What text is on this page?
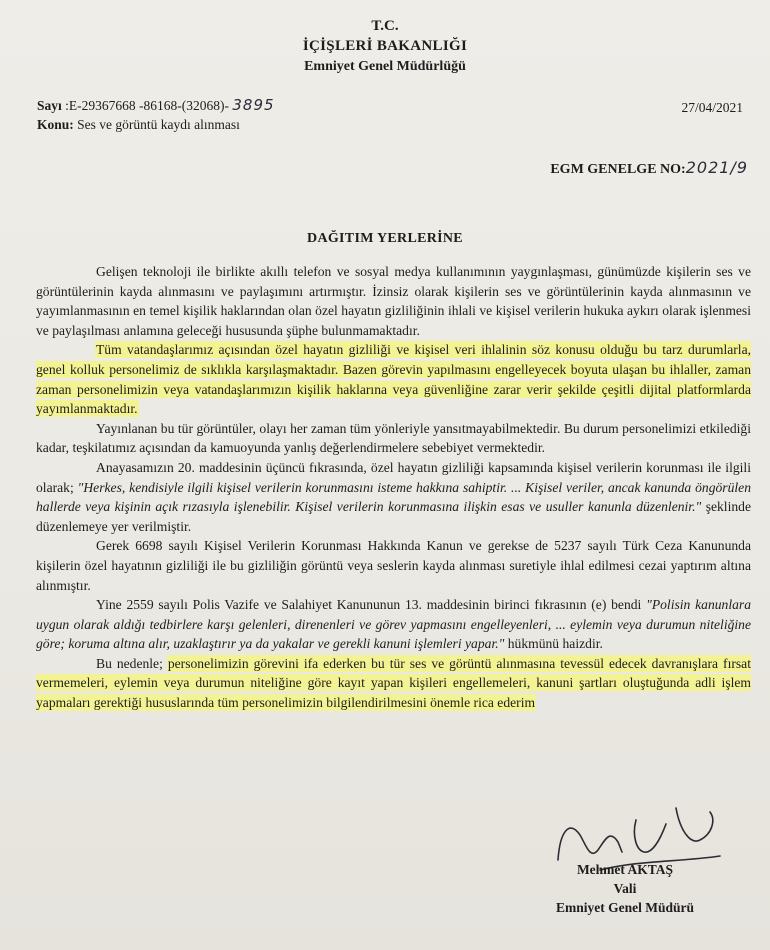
T.C.
İÇİŞLERİ BAKANLIĞI
Emniyet Genel Müdürlüğü
Sayı :E-29367668 -86168-(32068)- 3895
Konu: Ses ve görüntü kaydı alınması
27/04/2021
EGM GENELGE NO:2021/9
DAĞITIM YERLERİNE

Gelişen teknoloji ile birlikte akıllı telefon ve sosyal medya kullanımının yaygınlaşması, günümüzde kişilerin ses ve görüntülerinin kayda alınmasını ve paylaşımını artırmıştır. İzinsiz olarak kişilerin ses ve görüntülerinin kayda alınmasının ve yayımlanmasının en temel kişilik haklarından olan özel hayatın gizliliğinin ihlali ve kişisel verilerin hukuka aykırı olarak işlenmesi ve paylaşılması anlamına geleceği hususunda şüphe bulunmamaktadır.

Tüm vatandaşlarımız açısından özel hayatın gizliliği ve kişisel veri ihlalinin söz konusu olduğu bu tarz durumlarla, genel kolluk personelimiz de sıklıkla karşılaşmaktadır. Bazen görevin yapılmasını engelleyecek boyuta ulaşan bu ihlaller, zaman zaman personelimizin veya vatandaşlarımızın kişilik haklarına veya güvenliğine zarar verir şekilde çeşitli dijital platformlarda yayımlanmaktadır.

Yayınlanan bu tür görüntüler, olayı her zaman tüm yönleriyle yansıtmayabilmektedir. Bu durum personelimizi etkilediği kadar, teşkilatımız açısından da kamuoyunda yanlış değerlendirmelere sebebiyet vermektedir.

Anayasamızın 20. maddesinin üçüncü fıkrasında, özel hayatın gizliliği kapsamında kişisel verilerin korunması ile ilgili olarak; "Herkes, kendisiyle ilgili kişisel verilerin korunmasını isteme hakkına sahiptir. ... Kişisel veriler, ancak kanunda öngörülen hallerde veya kişinin açık rızasıyla işlenebilir. Kişisel verilerin korunmasına ilişkin esas ve usuller kanunla düzenlenir." şeklinde düzenlemeye yer verilmiştir.

Gerek 6698 sayılı Kişisel Verilerin Korunması Hakkında Kanun ve gerekse de 5237 sayılı Türk Ceza Kanununda kişilerin özel hayatının gizliliği ile bu gizliliğin görüntü veya seslerin kayda alınması suretiyle ihlal edilmesi cezai yaptırım altına alınmıştır.

Yine 2559 sayılı Polis Vazife ve Salahiyet Kanununun 13. maddesinin birinci fıkrasının (e) bendi "Polisin kanunlara uygun olarak aldığı tedbirlere karşı gelenleri, direnenleri ve görev yapmasını engelleyenleri, ... eylemin veya durumun niteliğine göre; koruma altına alır, uzaklaştırır ya da yakalar ve gerekli kanuni işlemleri yapar." hükmünü haizdir.

Bu nedenle; personelimizin görevini ifa ederken bu tür ses ve görüntü alınmasına tevessül edecek davranışlara fırsat vermemeleri, eylemin veya durumun niteliğine göre kayıt yapan kişileri engellemeleri, kanuni şartları oluştuğunda adli işlem yapmaları gerektiği hususlarında tüm personelimizin bilgilendirilmesini önemle rica ederim

Mehmet AKTAŞ
Vali
Emniyet Genel Müdürü
